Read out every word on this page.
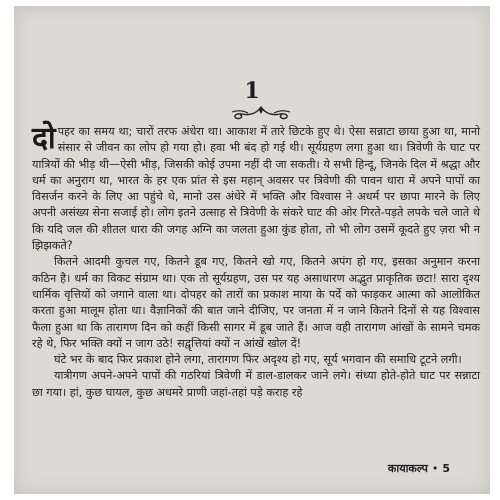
1

दोपहर का समय था; चारों तरफ अंधेरा था। आकाश में तारे छिटके हुए थे। ऐसा सन्नाटा छाया हुआ था, मानो संसार से जीवन का लोप हो गया हो। हवा भी बंद हो गई थी। सूर्यग्रहण लगा हुआ था। त्रिवेणी के घाट पर यात्रियों की भीड़ थी—ऐसी भीड़, जिसकी कोई उपमा नहीं दी जा सकती। ये सभी हिन्दू, जिनके दिल में श्रद्धा और धर्म का अनुराग था, भारत के हर एक प्रांत से इस महान् अवसर पर त्रिवेणी की पावन धारा में अपने पापों का विसर्जन करने के लिए आ पहुंचे थे, मानो उस अंधेरे में भक्ति और विश्वास ने अधर्म पर छापा मारने के लिए अपनी असंख्य सेना सजाई हो। लोग इतने उत्साह से त्रिवेणी के संकरे घाट की ओर गिरते-पड़ते लपके चले जाते थे कि यदि जल की शीतल धारा की जगह अग्नि का जलता हुआ कुंड होता, तो भी लोग उसमें कूदते हुए ज़रा भी न झिझकते?

कितने आदमी कुचल गए, कितने डूब गए, कितने खो गए, कितने अपंग हो गए, इसका अनुमान करना कठिन है। धर्म का विकट संग्राम था। एक तो सूर्यग्रहण, उस पर यह असाधारण अद्भुत प्राकृतिक छटा! सारा दृश्य धार्मिक वृत्तियों को जगाने वाला था। दोपहर को तारों का प्रकाश माया के पर्दे को फाड़कर आत्मा को आलोकित करता हुआ मालूम होता था। वैज्ञानिकों की बात जाने दीजिए, पर जनता में न जाने कितने दिनों से यह विश्वास फैला हुआ था कि तारागण दिन को कहीं किसी सागर में डूब जाते हैं। आज वही तारागण आंखों के सामने चमक रहे थे, फिर भक्ति क्यों न जाग उठे! सद्वृत्तियां क्यों न आंखें खोल दें!

घंटे भर के बाद फिर प्रकाश होने लगा, तारागण फिर अदृश्य हो गए, सूर्य भगवान की समाधि टूटने लगी।

यात्रीगण अपने-अपने पापों की गठरियां त्रिवेणी में डाल-डालकर जाने लगे। संध्या होते-होते घाट पर सन्नाटा छा गया। हां, कुछ घायल, कुछ अधमरे प्राणी जहां-तहां पड़े कराह रहे

कायाकल्प • 5
